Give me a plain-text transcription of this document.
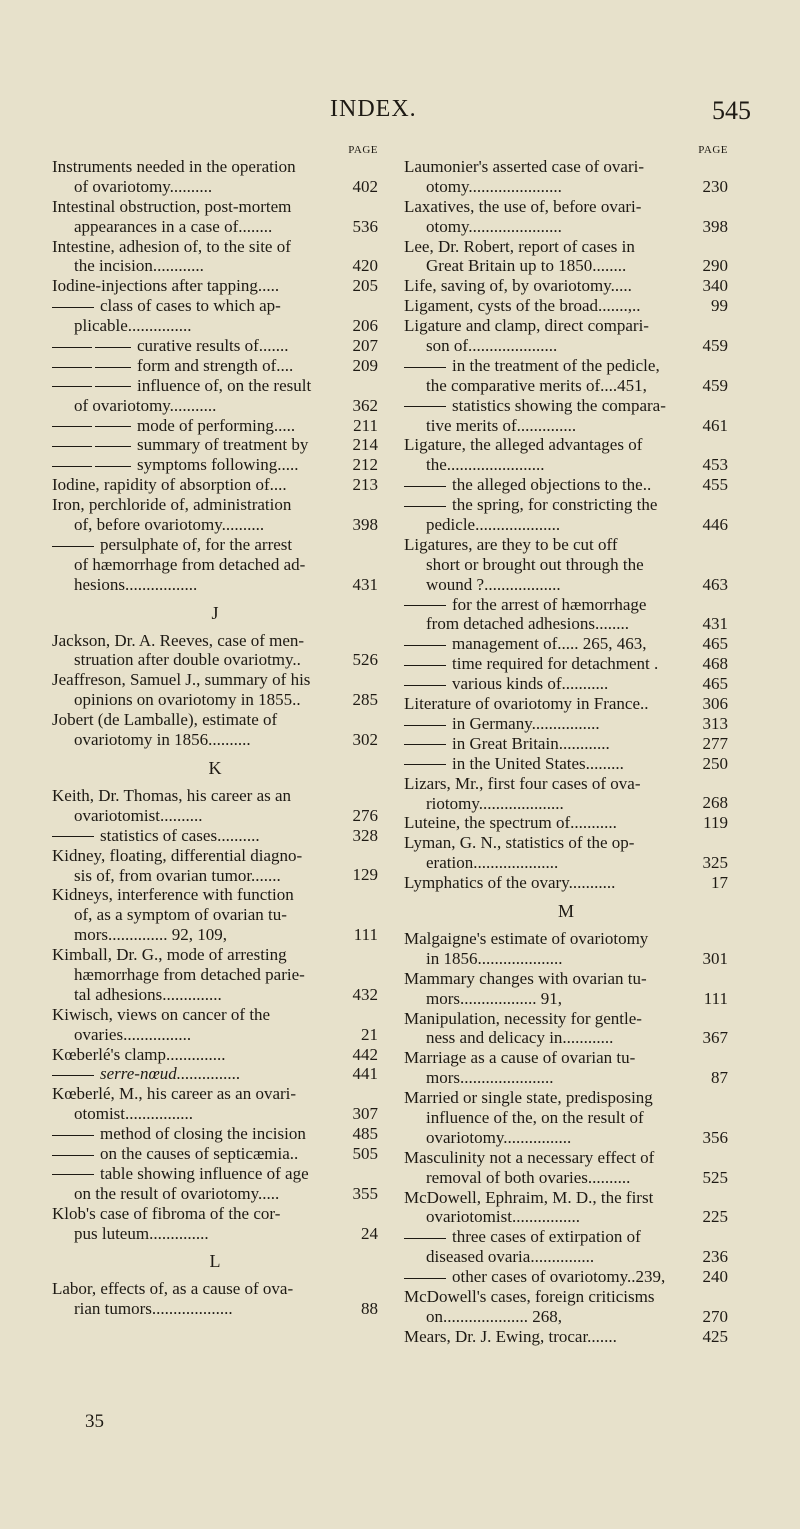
INDEX.	545
PAGE
Instruments needed in the operation
of ovariotomy..........	402
Intestinal obstruction, post-mortem
appearances in a case of........	536
Intestine, adhesion of, to the site of
the incision............	420
Iodine-injections after tapping.....	205
class of cases to which ap-
plicable...............	206
curative results of.......	207
form and strength of....	209
influence of, on the result
of ovariotomy...........	362
mode of performing.....	211
summary of treatment by	214
symptoms following.....	212
Iodine, rapidity of absorption of....	213
Iron, perchloride of, administration
of, before ovariotomy..........	398
persulphate of, for the arrest
of hæmorrhage from detached ad-
hesions.................	431
J
Jackson, Dr. A. Reeves, case of men-
struation after double ovariotmy..	526
Jeaffreson, Samuel J., summary of his
opinions on ovariotomy in 1855..	285
Jobert (de Lamballe), estimate of
ovariotomy in 1856..........	302
K
Keith, Dr. Thomas, his career as an
ovariotomist..........	276
statistics of cases..........	328
Kidney, floating, differential diagno-
sis of, from ovarian tumor.......	129
Kidneys, interference with function
of, as a symptom of ovarian tu-
mors.............. 92, 109,	111
Kimball, Dr. G., mode of arresting
hæmorrhage from detached parie-
tal adhesions..............	432
Kiwisch, views on cancer of the
ovaries................	21
Kœberlé's clamp..............	442
serre-nœud...............	441
Kœberlé, M., his career as an ovari-
otomist................	307
method of closing the incision	485
on the causes of septicæmia..	505
table showing influence of age
on the result of ovariotomy.....	355
Klob's case of fibroma of the cor-
pus luteum..............	24
L
Labor, effects of, as a cause of ova-
rian tumors...................	88
PAGE
Laumonier's asserted case of ovari-
otomy......................	230
Laxatives, the use of, before ovari-
otomy......................	398
Lee, Dr. Robert, report of cases in
Great Britain up to 1850........	290
Life, saving of, by ovariotomy.....	340
Ligament, cysts of the broad.......,..	99
Ligature and clamp, direct compari-
son of.....................	459
in the treatment of the pedicle,
the comparative merits of....451,	459
statistics showing the compara-
tive merits of..............	461
Ligature, the alleged advantages of
the.......................	453
the alleged objections to the..	455
the spring, for constricting the
pedicle....................	446
Ligatures, are they to be cut off
short or brought out through the
wound ?..................	463
for the arrest of hæmorrhage
from detached adhesions........	431
management of..... 265, 463,	465
time required for detachment .	468
various kinds of...........	465
Literature of ovariotomy in France..	306
in Germany................	313
in Great Britain............	277
in the United States.........	250
Lizars, Mr., first four cases of ova-
riotomy....................	268
Luteine, the spectrum of...........	119
Lyman, G. N., statistics of the op-
eration....................	325
Lymphatics of the ovary...........	17
M
Malgaigne's estimate of ovariotomy
in 1856....................	301
Mammary changes with ovarian tu-
mors.................. 91,	111
Manipulation, necessity for gentle-
ness and delicacy in............	367
Marriage as a cause of ovarian tu-
mors......................	87
Married or single state, predisposing
influence of the, on the result of
ovariotomy................	356
Masculinity not a necessary effect of
removal of both ovaries..........	525
McDowell, Ephraim, M. D., the first
ovariotomist................	225
three cases of extirpation of
diseased ovaria...............	236
other cases of ovariotomy..239,	240
McDowell's cases, foreign criticisms
on.................... 268,	270
Mears, Dr. J. Ewing, trocar.......	425
35
